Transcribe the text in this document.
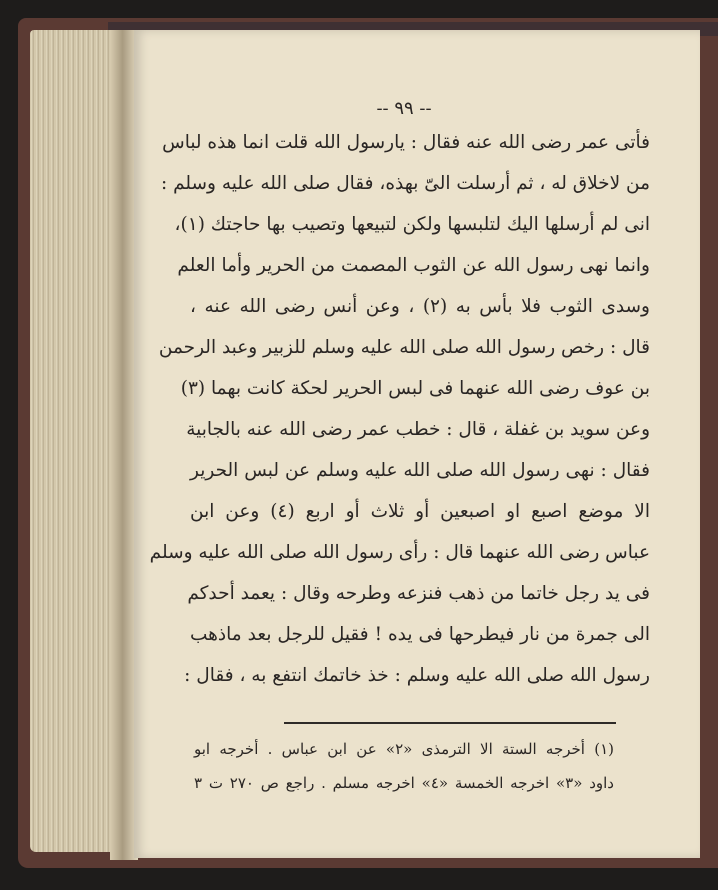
-- ٩٩ --
فأتى عمر رضى الله عنه فقال : يارسول الله قلت انما هذه لباس
من لاخلاق له ، ثم أرسلت الىّ بهذه، فقال صلى الله عليه وسلم :
انى لم أرسلها اليك لتلبسها ولكن لتبيعها وتصيب بها حاجتك (١)،
وانما نهى رسول الله عن الثوب المصمت من الحرير وأما العلم
وسدى الثوب فلا بأس به (٢) ، وعن أنس رضى الله عنه ،
قال : رخص رسول الله صلى الله عليه وسلم للزبير وعبد الرحمن
بن عوف رضى الله عنهما فى لبس الحرير لحكة كانت بهما (٣)
وعن سويد بن غفلة ، قال : خطب عمر رضى الله عنه بالجابية
فقال : نهى رسول الله صلى الله عليه وسلم عن لبس الحرير
الا موضع اصبع او اصبعين أو ثلاث أو اربع (٤) وعن ابن
عباس رضى الله عنهما قال : رأى رسول الله صلى الله عليه وسلم
فى يد رجل خاتما من ذهب فنزعه وطرحه وقال : يعمد أحدكم
الى جمرة من نار فيطرحها فى يده ! فقيل للرجل بعد ماذهب
رسول الله صلى الله عليه وسلم : خذ خاتمك انتفع به ، فقال :
(١) أخرجه الستة الا الترمذى «٢» عن ابن عباس . أخرجه ابو
داود «٣» اخرجه الخمسة «٤» اخرجه مسلم . راجع ص ٢٧٠ ت ٣
